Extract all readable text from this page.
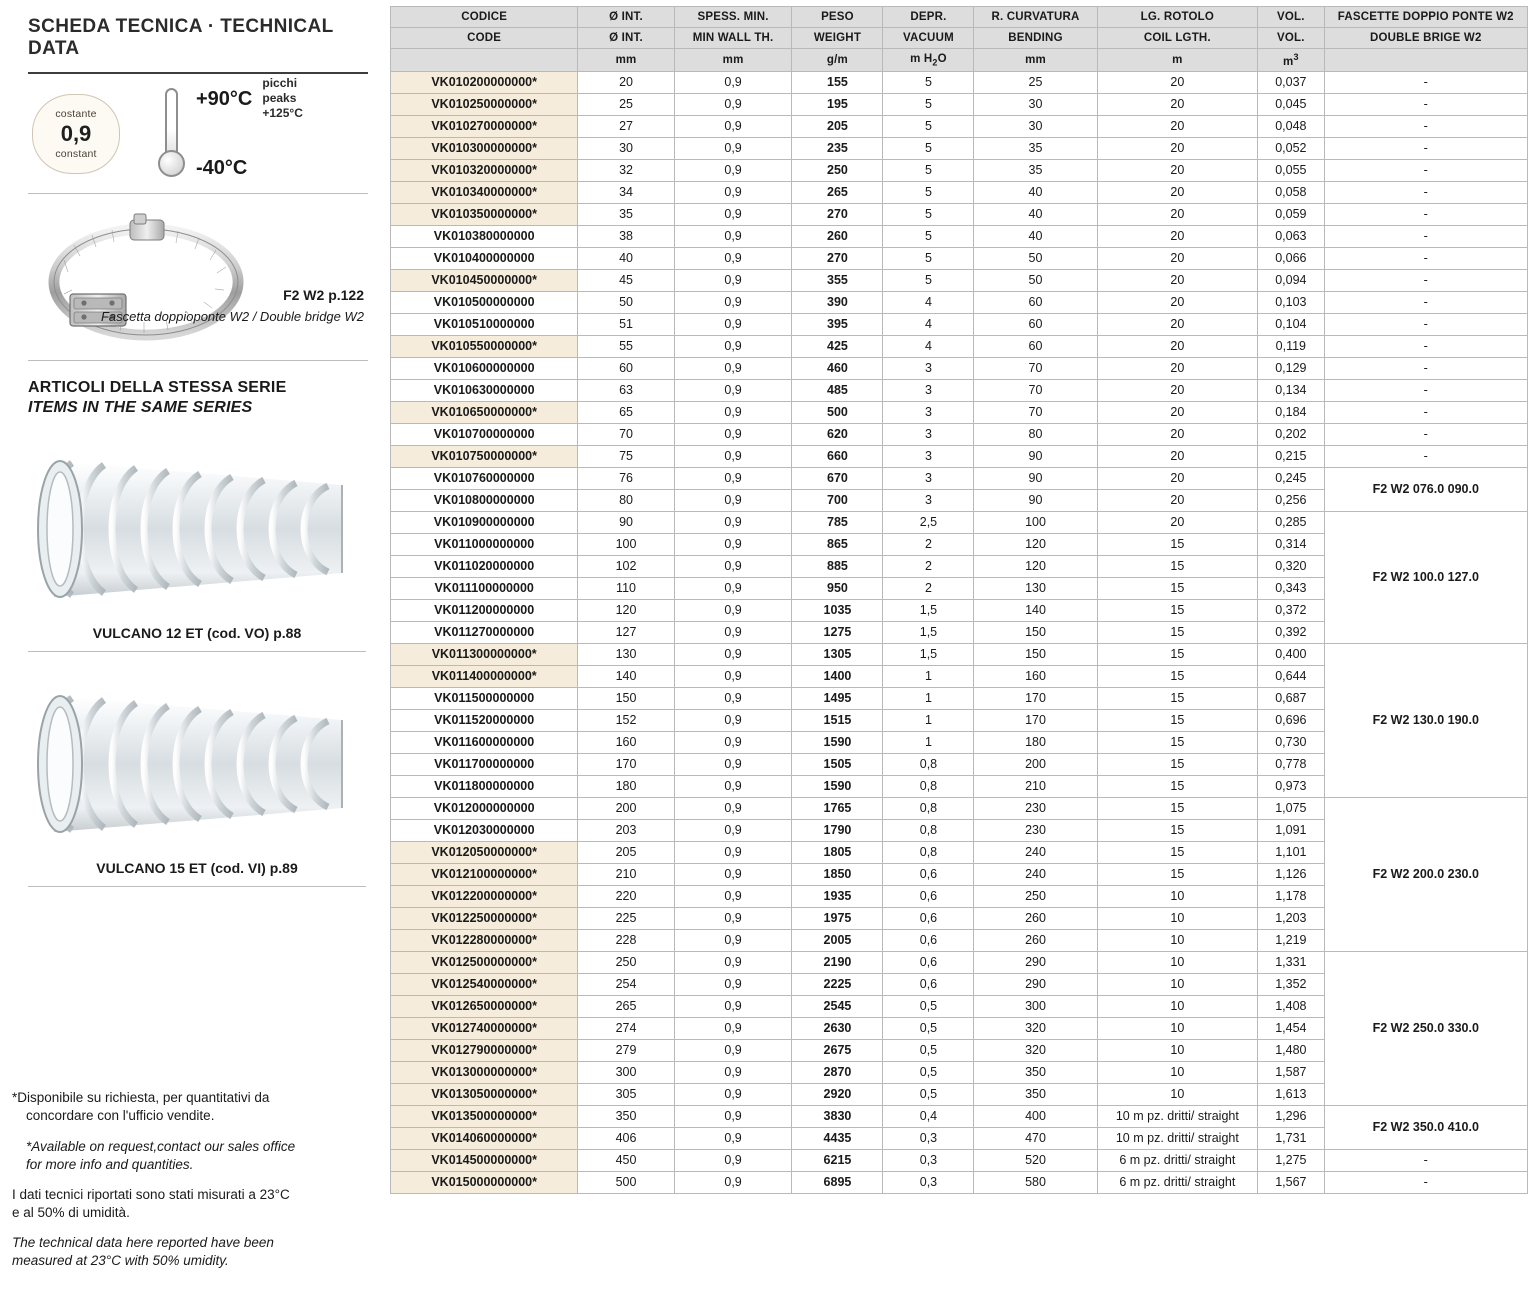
SCHEDA TECNICA · TECHNICAL DATA
costante
0,9
constant
+90°C
-40°C
picchi
peaks
+125°C
F2 W2 p.122
Fascetta doppioponte W2 / Double bridge W2
ARTICOLI DELLA STESSA SERIE
ITEMS IN THE SAME SERIES
VULCANO 12 ET (cod. VO) p.88
VULCANO 15 ET (cod. VI) p.89

*Disponibile su richiesta, per quantitativi da
concordare con l'ufficio vendite.

*Available on request,contact our sales office
for more info and quantities.

I dati tecnici riportati sono stati misurati a 23°C
e al 50% di umidità.

The technical data here reported have been
measured at 23°C with 50% umidity.

CODICE	Ø INT.	SPESS. MIN.	PESO	DEPR.	R. CURVATURA	LG. ROTOLO	VOL.	FASCETTE DOPPIO PONTE W2
CODE	Ø INT.	MIN WALL TH.	WEIGHT	VACUUM	BENDING	COIL LGTH.	VOL.	DOUBLE BRIGE W2
	mm	mm	g/m	m $H_2O$	mm	m	$m^3$	
VK010200000000*	20	0,9	155	5	25	20	0,037	-
VK010250000000*	25	0,9	195	5	30	20	0,045	-
VK010270000000*	27	0,9	205	5	30	20	0,048	-
VK010300000000*	30	0,9	235	5	35	20	0,052	-
VK010320000000*	32	0,9	250	5	35	20	0,055	-
VK010340000000*	34	0,9	265	5	40	20	0,058	-
VK010350000000*	35	0,9	270	5	40	20	0,059	-
VK010380000000	38	0,9	260	5	40	20	0,063	-
VK010400000000	40	0,9	270	5	50	20	0,066	-
VK010450000000*	45	0,9	355	5	50	20	0,094	-
VK010500000000	50	0,9	390	4	60	20	0,103	-
VK010510000000	51	0,9	395	4	60	20	0,104	-
VK010550000000*	55	0,9	425	4	60	20	0,119	-
VK010600000000	60	0,9	460	3	70	20	0,129	-
VK010630000000	63	0,9	485	3	70	20	0,134	-
VK010650000000*	65	0,9	500	3	70	20	0,184	-
VK010700000000	70	0,9	620	3	80	20	0,202	-
VK010750000000*	75	0,9	660	3	90	20	0,215	-
VK010760000000	76	0,9	670	3	90	20	0,245	F2 W2 076.0 090.0
VK010800000000	80	0,9	700	3	90	20	0,256	
VK010900000000	90	0,9	785	2,5	100	20	0,285	F2 W2 100.0 127.0
VK011000000000	100	0,9	865	2	120	15	0,314	
VK011020000000	102	0,9	885	2	120	15	0,320	
VK011100000000	110	0,9	950	2	130	15	0,343	
VK011200000000	120	0,9	1035	1,5	140	15	0,372	
VK011270000000	127	0,9	1275	1,5	150	15	0,392	
VK011300000000*	130	0,9	1305	1,5	150	15	0,400	F2 W2 130.0 190.0
VK011400000000*	140	0,9	1400	1	160	15	0,644	
VK011500000000	150	0,9	1495	1	170	15	0,687	
VK011520000000	152	0,9	1515	1	170	15	0,696	
VK011600000000	160	0,9	1590	1	180	15	0,730	
VK011700000000	170	0,9	1505	0,8	200	15	0,778	
VK011800000000	180	0,9	1590	0,8	210	15	0,973	
VK012000000000	200	0,9	1765	0,8	230	15	1,075	F2 W2 200.0 230.0
VK012030000000	203	0,9	1790	0,8	230	15	1,091	
VK012050000000*	205	0,9	1805	0,8	240	15	1,101	
VK012100000000*	210	0,9	1850	0,6	240	15	1,126	
VK012200000000*	220	0,9	1935	0,6	250	10	1,178	
VK012250000000*	225	0,9	1975	0,6	260	10	1,203	
VK012280000000*	228	0,9	2005	0,6	260	10	1,219	
VK012500000000*	250	0,9	2190	0,6	290	10	1,331	F2 W2 250.0 330.0
VK012540000000*	254	0,9	2225	0,6	290	10	1,352	
VK012650000000*	265	0,9	2545	0,5	300	10	1,408	
VK012740000000*	274	0,9	2630	0,5	320	10	1,454	
VK012790000000*	279	0,9	2675	0,5	320	10	1,480	
VK013000000000*	300	0,9	2870	0,5	350	10	1,587	
VK013050000000*	305	0,9	2920	0,5	350	10	1,613	
VK013500000000*	350	0,9	3830	0,4	400	10 m pz. dritti/ straight	1,296	F2 W2 350.0 410.0
VK014060000000*	406	0,9	4435	0,3	470	10 m pz. dritti/ straight	1,731	
VK014500000000*	450	0,9	6215	0,3	520	6 m pz. dritti/ straight	1,275	-
VK015000000000*	500	0,9	6895	0,3	580	6 m pz. dritti/ straight	1,567	-
